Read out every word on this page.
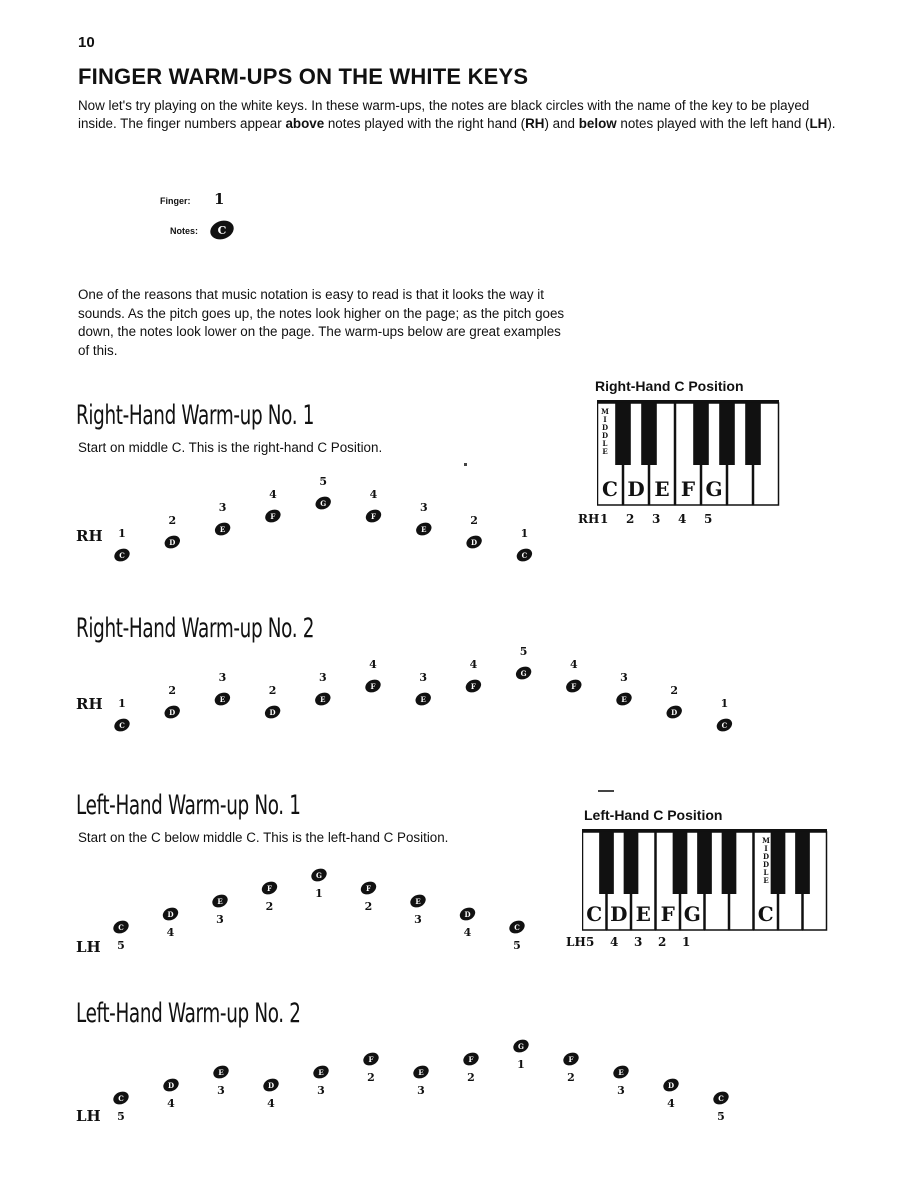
10
FINGER WARM-UPS ON THE WHITE KEYS

Now let's try playing on the white keys. In these warm-ups, the notes are black circles with the name of the key to be played inside. The finger numbers appear above notes played with the right hand (RH) and below notes played with the left hand (LH).

Finger: 1
Notes: C

One of the reasons that music notation is easy to read is that it looks the way it sounds. As the pitch goes up, the notes look higher on the page; as the pitch goes down, the notes look lower on the page. The warm-ups below are great examples of this.

Right-Hand C Position
C D E F G
M
I
D
D
L
E
RH 1 2 3 4 5
Left-Hand C Position
C D E F G	C
M
I
D
D
L
E
LH 5 4 3 2 1
Right-Hand Warm-up No. 1

Start on middle C. This is the right-hand C Position.

RH
C
1
D
2
E
3
F
4
G
5
F
4
E
3
D
2
C
1
Right-Hand Warm-up No. 2
RH
C
1
D
2
E
3
D
2
E
3
F
4
E
3
F
4
G
5
F
4
E
3
D
2
C
1
Left-Hand Warm-up No. 1

Start on the C below middle C. This is the left-hand C Position.

LH
C
5
D
4
E
3
F
2
G
1	F
2	E
3	D
4	C
5
Left-Hand Warm-up No. 2
LH
C
5
D
4
E
3	D
4
E
3
F
2	E
3
F
2
G
1	F
2	E
3	D
4	C
5
